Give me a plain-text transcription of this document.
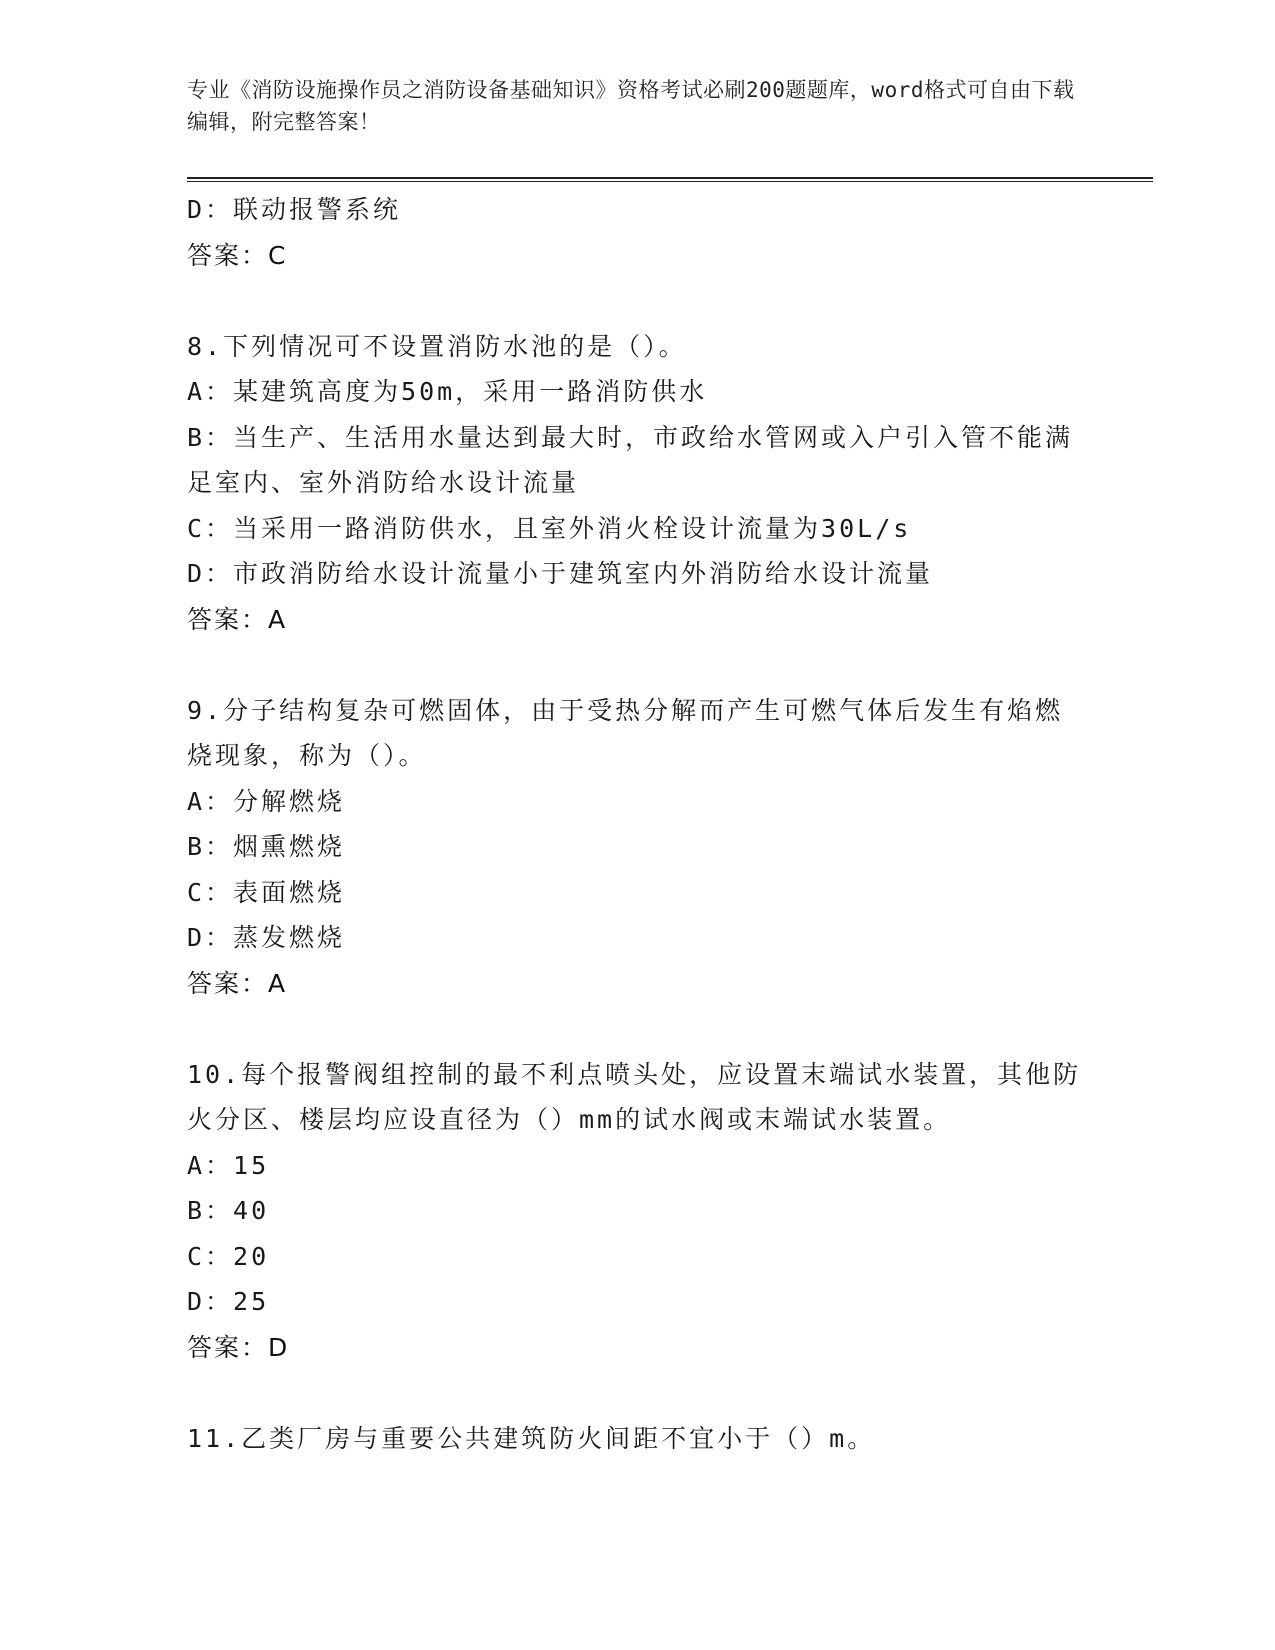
专业《消防设施操作员之消防设备基础知识》资格考试必刷200题题库，word格式可自由下载编辑，附完整答案！
D：联动报警系统
答案：C
8.下列情况可不设置消防水池的是（）。
A：某建筑高度为50m，采用一路消防供水
B：当生产、生活用水量达到最大时，市政给水管网或入户引入管不能满足室内、室外消防给水设计流量
C：当采用一路消防供水，且室外消火栓设计流量为30L/s
D：市政消防给水设计流量小于建筑室内外消防给水设计流量
答案：A
9.分子结构复杂可燃固体，由于受热分解而产生可燃气体后发生有焰燃烧现象，称为（）。
A：分解燃烧
B：烟熏燃烧
C：表面燃烧
D：蒸发燃烧
答案：A
10.每个报警阀组控制的最不利点喷头处，应设置末端试水装置，其他防火分区、楼层均应设直径为（）mm的试水阀或末端试水装置。
A：15
B：40
C：20
D：25
答案：D
11.乙类厂房与重要公共建筑防火间距不宜小于（）m。
